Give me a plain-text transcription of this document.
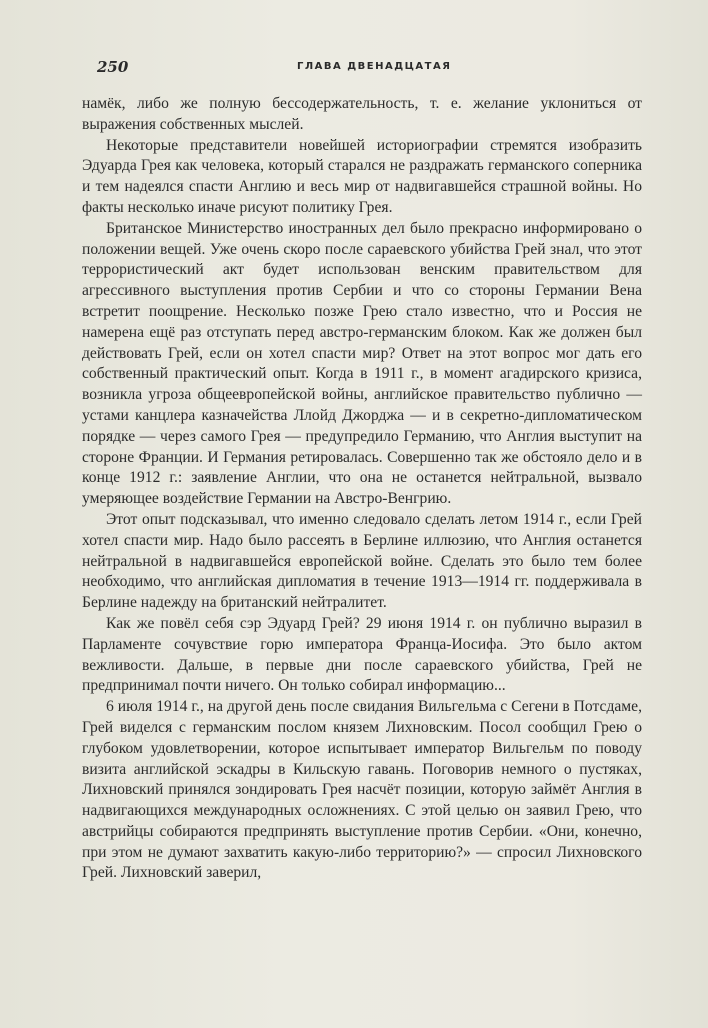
250	ГЛАВА ДВЕНАДЦАТАЯ

намёк, либо же полную бессодержательность, т. е. желание уклониться от выражения собственных мыслей.

Некоторые представители новейшей историографии стремятся изобразить Эдуарда Грея как человека, который старался не раздражать германского соперника и тем надеялся спасти Англию и весь мир от надвигавшейся страшной войны. Но факты несколько иначе рисуют политику Грея.

Британское Министерство иностранных дел было прекрасно информировано о положении вещей. Уже очень скоро после сараевского убийства Грей знал, что этот террористический акт будет использован венским правительством для агрессивного выступления против Сербии и что со стороны Германии Вена встретит поощрение. Несколько позже Грею стало известно, что и Россия не намерена ещё раз отступать перед австро-германским блоком. Как же должен был действовать Грей, если он хотел спасти мир? Ответ на этот вопрос мог дать его собственный практический опыт. Когда в 1911 г., в момент агадирского кризиса, возникла угроза общеевропейской войны, английское правительство публично — устами канцлера казначейства Ллойд Джорджа — и в секретно-дипломатическом порядке — через самого Грея — предупредило Германию, что Англия выступит на стороне Франции. И Германия ретировалась. Совершенно так же обстояло дело и в конце 1912 г.: заявление Англии, что она не останется нейтральной, вызвало умеряющее воздействие Германии на Австро-Венгрию.

Этот опыт подсказывал, что именно следовало сделать летом 1914 г., если Грей хотел спасти мир. Надо было рассеять в Берлине иллюзию, что Англия останется нейтральной в надвигавшейся европейской войне. Сделать это было тем более необходимо, что английская дипломатия в течение 1913—1914 гг. поддерживала в Берлине надежду на британский нейтралитет.

Как же повёл себя сэр Эдуард Грей? 29 июня 1914 г. он публично выразил в Парламенте сочувствие горю императора Франца-Иосифа. Это было актом вежливости. Дальше, в первые дни после сараевского убийства, Грей не предпринимал почти ничего. Он только собирал информацию...

6 июля 1914 г., на другой день после свидания Вильгельма с Сегени в Потсдаме, Грей виделся с германским послом князем Лихновским. Посол сообщил Грею о глубоком удовлетворении, которое испытывает император Вильгельм по поводу визита английской эскадры в Кильскую гавань. Поговорив немного о пустяках, Лихновский принялся зондировать Грея насчёт позиции, которую займёт Англия в надвигающихся международных осложнениях. С этой целью он заявил Грею, что австрийцы собираются предпринять выступление против Сербии. «Они, конечно, при этом не думают захватить какую-либо территорию?» — спросил Лихновского Грей. Лихновский заверил,
